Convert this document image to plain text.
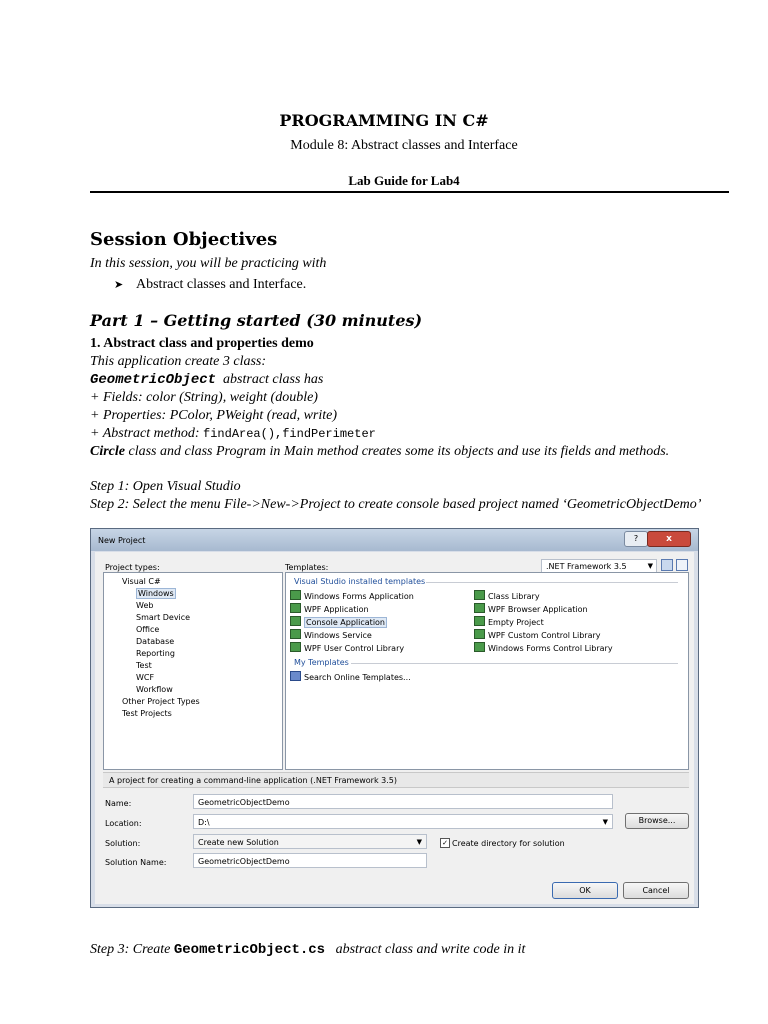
PROGRAMMING IN C#
Module 8: Abstract classes and Interface
Lab Guide for Lab4
Session Objectives
In this session, you will be practicing with
➤ Abstract classes and Interface.
Part 1 – Getting started (30 minutes)
1. Abstract class and properties demo
This application create 3 class:
GeometricObject abstract class has
+ Fields: color (String), weight (double)
+ Properties: PColor, PWeight (read, write)
+ Abstract method: findArea(),findPerimeter
Circle class and class Program in Main method creates some its objects and use its fields and methods.
Step 1: Open Visual Studio
Step 2: Select the menu File->New->Project to create console based project named ‘GeometricObjectDemo’
New Project	?	x
Project types:	Templates:	.NET Framework 3.5	▼
Visual C#
Windows
Web
Smart Device
Office
Database
Reporting
Test
WCF
Workflow
Other Project Types
Test Projects
Visual Studio installed templates
Windows Forms Application
WPF Application
Console Application
Windows Service
WPF User Control Library
Class Library
WPF Browser Application
Empty Project
WPF Custom Control Library
Windows Forms Control Library
My Templates
Search Online Templates...
A project for creating a command-line application (.NET Framework 3.5)
Name:	GeometricObjectDemo
Location:	D:\	▼	Browse...
Solution:	Create new Solution	▼	✓ Create directory for solution
Solution Name:	GeometricObjectDemo
OK	Cancel
Step 3: Create GeometricObject.cs abstract class and write code in it
